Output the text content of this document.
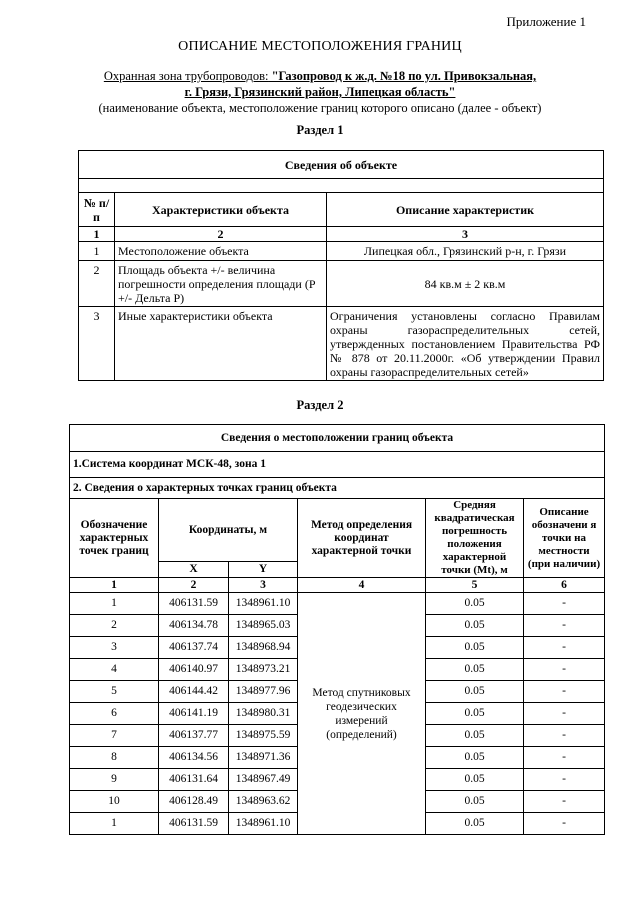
Приложение 1
ОПИСАНИЕ МЕСТОПОЛОЖЕНИЯ ГРАНИЦ
Охранная зона трубопроводов: "Газопровод к ж.д. №18 по ул. Привокзальная,
г. Грязи, Грязинский район, Липецкая область"
(наименование объекта, местоположение границ которого описано (далее - объект)
Раздел 1
Сведения об объекте		

№ п/п	Характеристики объекта	Описание характеристик
1	2	3
1	Местоположение объекта	Липецкая обл., Грязинский р-н, г. Грязи
2	Площадь объекта +/- величина погрешности определения площади (P +/- Дельта P)	84 кв.м ± 2 кв.м
3	Иные характеристики объекта	Ограничения установлены согласно Правилам охраны газораспределительных сетей, утвержденных постановлением Правительства РФ № 878 от 20.11.2000г. «Об утверждении Правил охраны газораспределительных сетей»
Раздел 2
Сведения о местоположении границ объекта					
1.Система координат МСК-48, зона 1					
2. Сведения о характерных точках границ объекта					
Обозначение характерных точек границ	Координаты, м		Метод определения координат характерной точки	Средняя квадратическая погрешность положения характерной точки (Mt), м	Описание обозначени я точки на местности (при наличии)
	X	Y			
1	2	3	4	5	6
1	406131.59	1348961.10	Метод спутниковых геодезических измерений (определений)	0.05	-
2	406134.78	1348965.03		0.05	-
3	406137.74	1348968.94		0.05	-
4	406140.97	1348973.21		0.05	-
5	406144.42	1348977.96		0.05	-
6	406141.19	1348980.31		0.05	-
7	406137.77	1348975.59		0.05	-
8	406134.56	1348971.36		0.05	-
9	406131.64	1348967.49		0.05	-
10	406128.49	1348963.62		0.05	-
1	406131.59	1348961.10		0.05	-
